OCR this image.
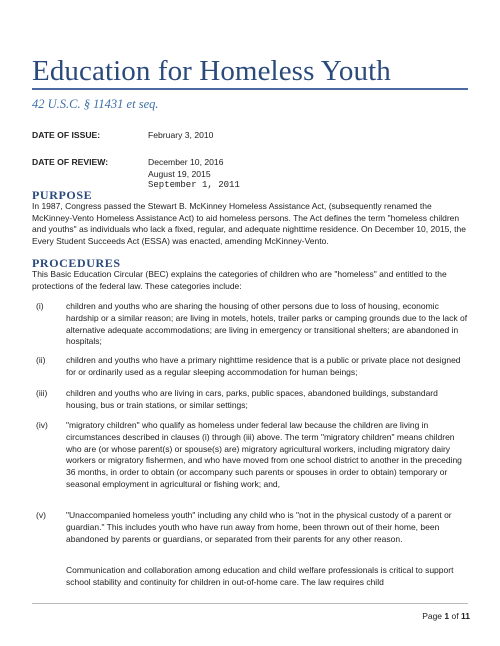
Education for Homeless Youth

42 U.S.C. § 11431 et seq.

DATE OF ISSUE:	February 3, 2010
DATE OF REVIEW:	December 10, 2016
August 19, 2015
September 1, 2011
PURPOSE

In 1987, Congress passed the Stewart B. McKinney Homeless Assistance Act, (subsequently renamed the McKinney-Vento Homeless Assistance Act) to aid homeless persons. The Act defines the term "homeless children and youths" as individuals who lack a fixed, regular, and adequate nighttime residence. On December 10, 2015, the Every Student Succeeds Act (ESSA) was enacted, amending McKinney-Vento.

PROCEDURES

This Basic Education Circular (BEC) explains the categories of children who are "homeless" and entitled to the protections of the federal law. These categories include:

(i)	children and youths who are sharing the housing of other persons due to loss of housing, economic hardship or a similar reason; are living in motels, hotels, trailer parks or camping grounds due to the lack of alternative adequate accommodations; are living in emergency or transitional shelters; are abandoned in hospitals;
(ii)	children and youths who have a primary nighttime residence that is a public or private place not designed for or ordinarily used as a regular sleeping accommodation for human beings;
(iii)	children and youths who are living in cars, parks, public spaces, abandoned buildings, substandard housing, bus or train stations, or similar settings;
(iv)	"migratory children" who qualify as homeless under federal law because the children are living in circumstances described in clauses (i) through (iii) above. The term "migratory children" means children who are (or whose parent(s) or spouse(s) are) migratory agricultural workers, including migratory dairy workers or migratory fishermen, and who have moved from one school district to another in the preceding 36 months, in order to obtain (or accompany such parents or spouses in order to obtain) temporary or seasonal employment in agricultural or fishing work; and,
(v)	"Unaccompanied homeless youth" including any child who is "not in the physical custody of a parent or guardian." This includes youth who have run away from home, been thrown out of their home, been abandoned by parents or guardians, or separated from their parents for any other reason.

Communication and collaboration among education and child welfare professionals is critical to support school stability and continuity for children in out-of-home care. The law requires child

Page 1 of 11
